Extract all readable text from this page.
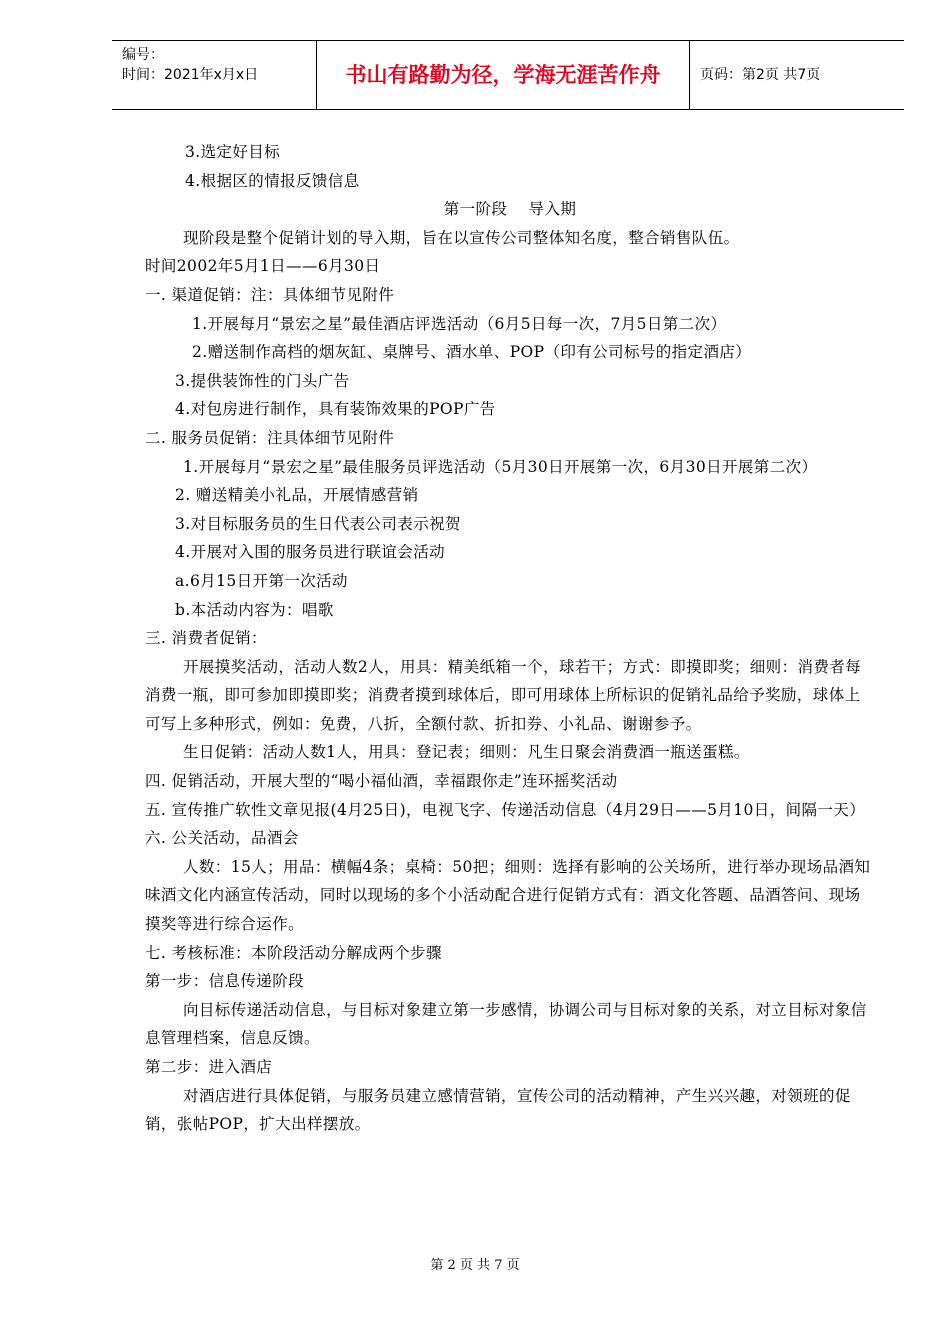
编号：
时间：2021年x月x日	书山有路勤为径，学海无涯苦作舟	页码：第2页 共7页

3.选定好目标

4.根据区的情报反馈信息

第一阶段　 导入期

现阶段是整个促销计划的导入期，旨在以宣传公司整体知名度，整合销售队伍。

时间2002年5月1日——6月30日

一. 渠道促销：注：具体细节见附件

1.开展每月“景宏之星”最佳酒店评选活动（6月5日每一次，7月5日第二次）

2.赠送制作高档的烟灰缸、桌牌号、酒水单、POP（印有公司标号的指定酒店）

3.提供装饰性的门头广告

4.对包房进行制作，具有装饰效果的POP广告

二. 服务员促销：注具体细节见附件

1.开展每月“景宏之星”最佳服务员评选活动（5月30日开展第一次，6月30日开展第二次）

2. 赠送精美小礼品，开展情感营销

3.对目标服务员的生日代表公司表示祝贺

4.开展对入围的服务员进行联谊会活动

a.6月15日开第一次活动

b.本活动内容为：唱歌

三. 消费者促销：

开展摸奖活动，活动人数2人，用具：精美纸箱一个，球若干；方式：即摸即奖；细则：消费者每消费一瓶，即可参加即摸即奖；消费者摸到球体后，即可用球体上所标识的促销礼品给予奖励，球体上可写上多种形式，例如：免费，八折，全额付款、折扣券、小礼品、谢谢参予。

生日促销：活动人数1人，用具：登记表；细则：凡生日聚会消费酒一瓶送蛋糕。

四. 促销活动，开展大型的“喝小福仙酒，幸福跟你走”连环摇奖活动

五. 宣传推广软性文章见报(4月25日)，电视飞字、传递活动信息（4月29日——5月10日，间隔一天）

六. 公关活动，品酒会

人数：15人；用品：横幅4条；桌椅：50把；细则：选择有影响的公关场所，进行举办现场品酒知味酒文化内涵宣传活动，同时以现场的多个小活动配合进行促销方式有：酒文化答题、品酒答问、现场摸奖等进行综合运作。

七. 考核标准：本阶段活动分解成两个步骤

第一步：信息传递阶段

向目标传递活动信息，与目标对象建立第一步感情，协调公司与目标对象的关系，对立目标对象信息管理档案，信息反馈。

第二步：进入酒店

对酒店进行具体促销，与服务员建立感情营销，宣传公司的活动精神，产生兴兴趣，对领班的促销，张帖POP，扩大出样摆放。

第 2 页 共 7 页
